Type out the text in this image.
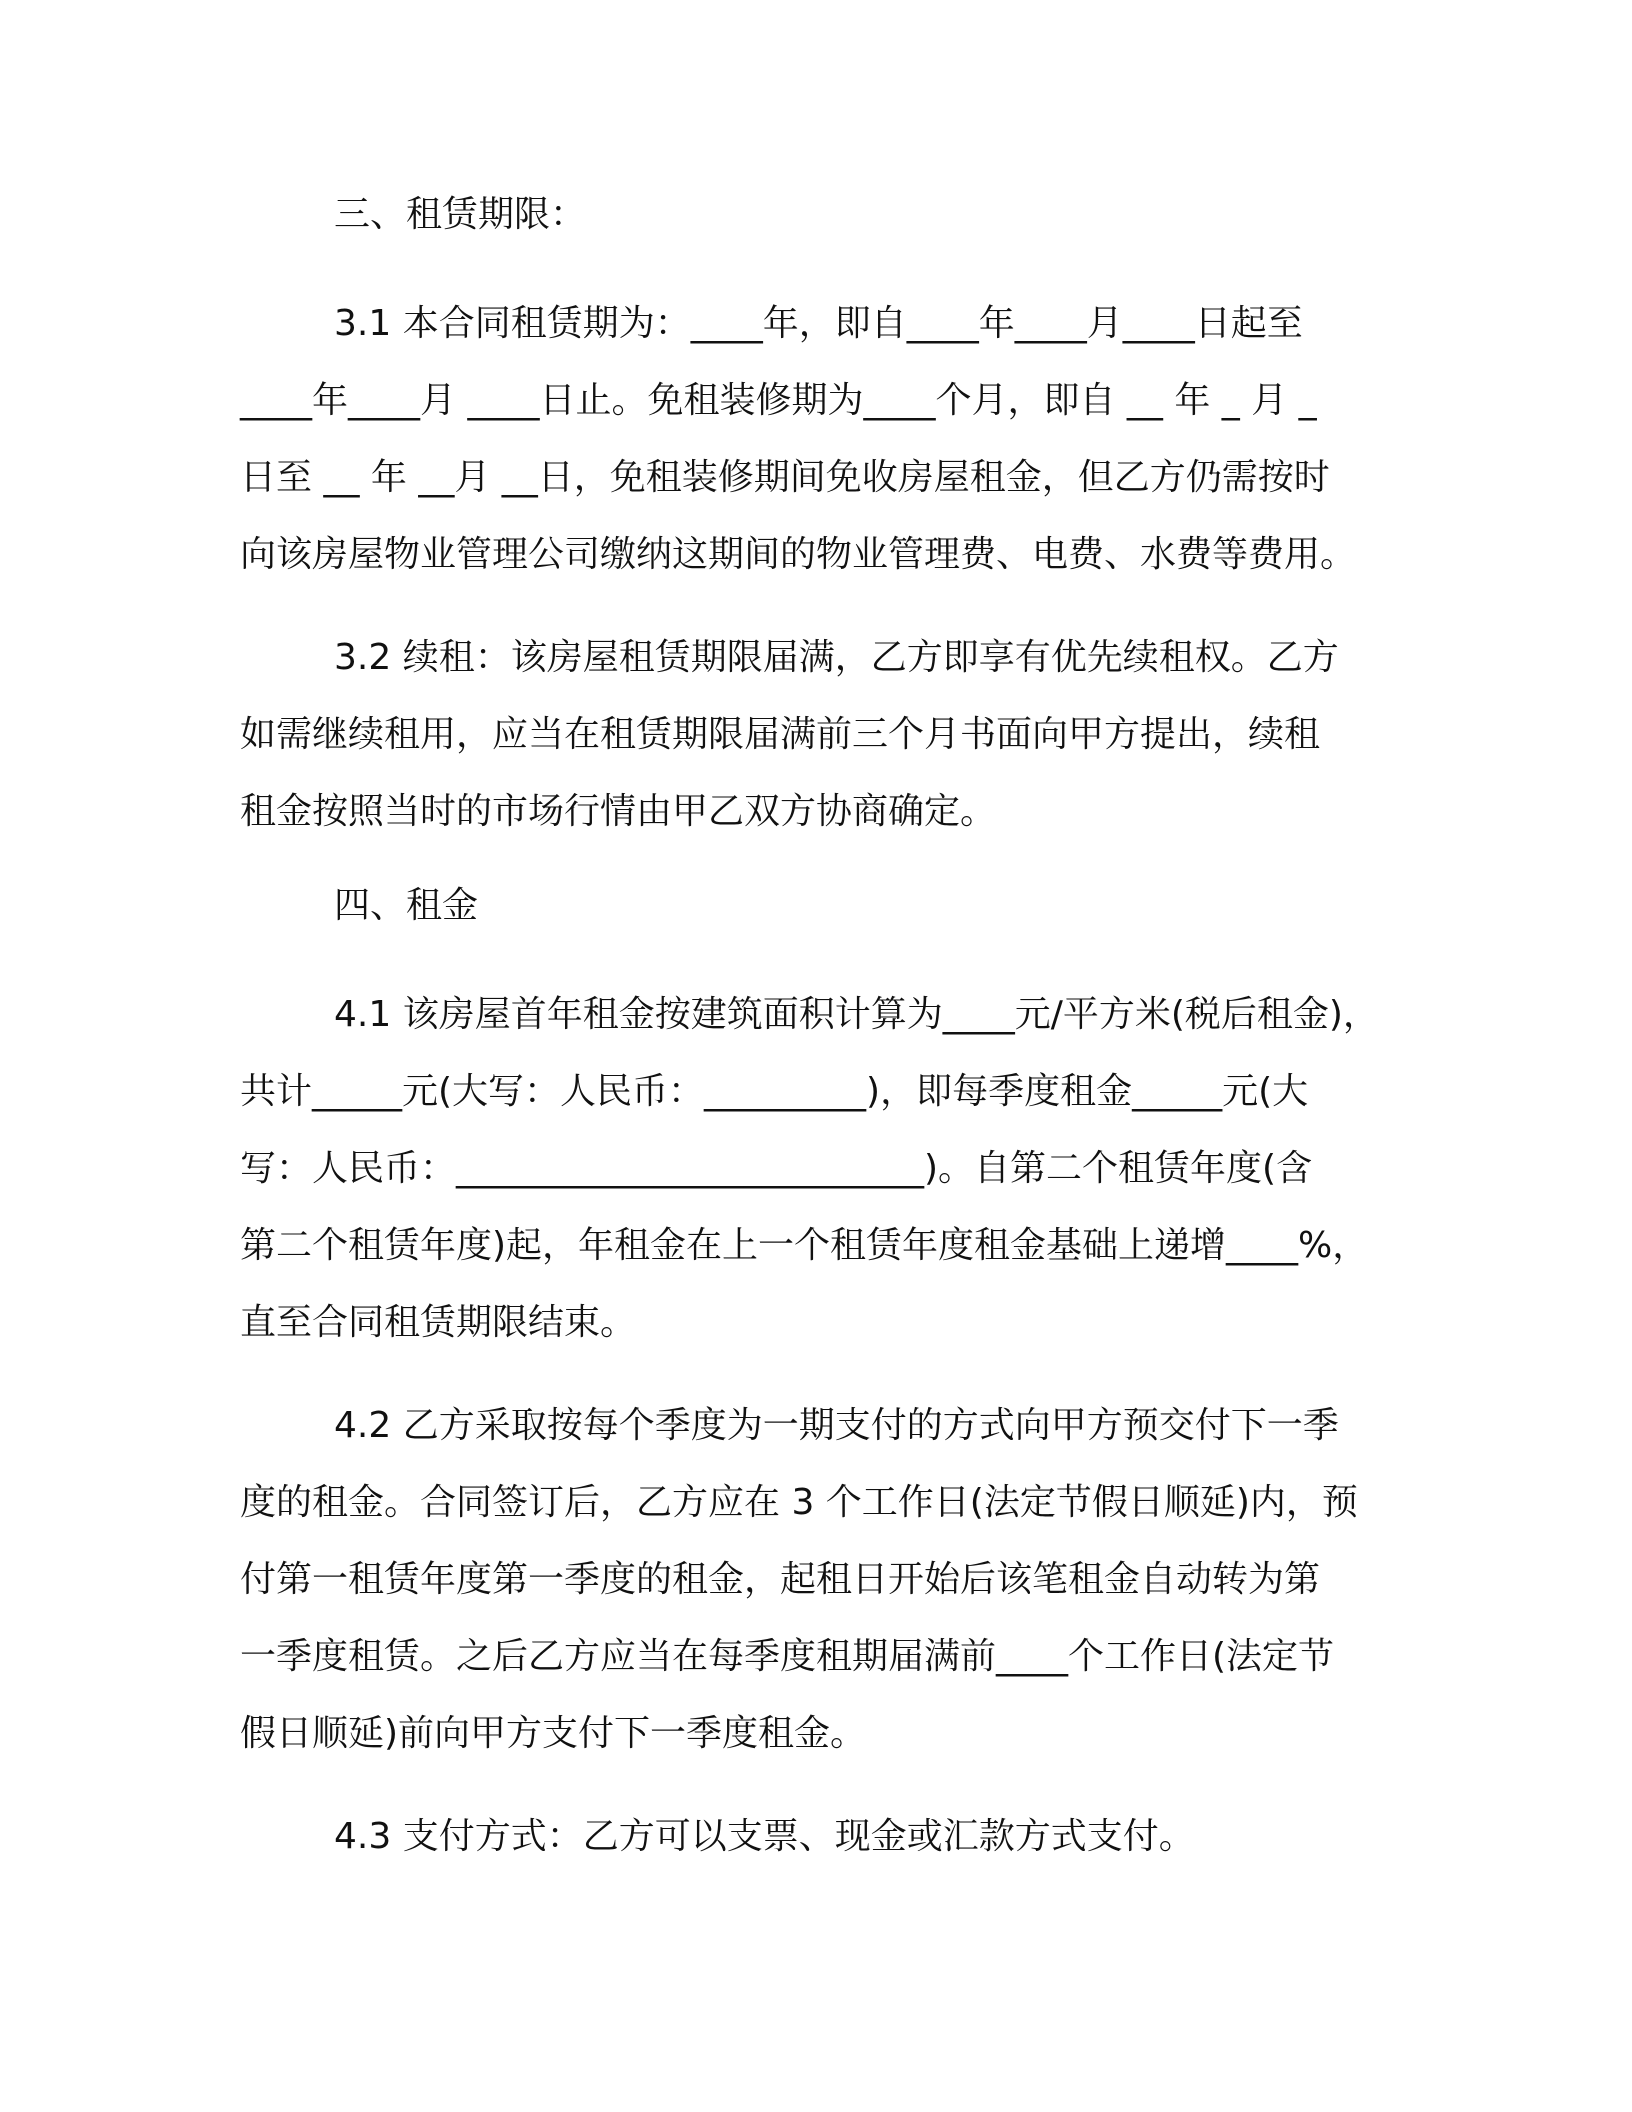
三、租赁期限：
3.1 本合同租赁期为：____年，即自____年____月____日起至
____年____月 ____日止。免租装修期为____个月，即自 __ 年 _ 月 _
日至 __ 年 __月 __日，免租装修期间免收房屋租金，但乙方仍需按时
向该房屋物业管理公司缴纳这期间的物业管理费、电费、水费等费用。
3.2 续租：该房屋租赁期限届满，乙方即享有优先续租权。乙方
如需继续租用，应当在租赁期限届满前三个月书面向甲方提出，续租
租金按照当时的市场行情由甲乙双方协商确定。
四、租金
4.1 该房屋首年租金按建筑面积计算为____元/平方米(税后租金)，
共计_____元(大写：人民币：_________)，即每季度租金_____元(大
写：人民币：__________________________)。自第二个租赁年度(含
第二个租赁年度)起，年租金在上一个租赁年度租金基础上递增____%，
直至合同租赁期限结束。
4.2 乙方采取按每个季度为一期支付的方式向甲方预交付下一季
度的租金。合同签订后，乙方应在 3 个工作日(法定节假日顺延)内，预
付第一租赁年度第一季度的租金，起租日开始后该笔租金自动转为第
一季度租赁。之后乙方应当在每季度租期届满前____个工作日(法定节
假日顺延)前向甲方支付下一季度租金。
4.3 支付方式：乙方可以支票、现金或汇款方式支付。
